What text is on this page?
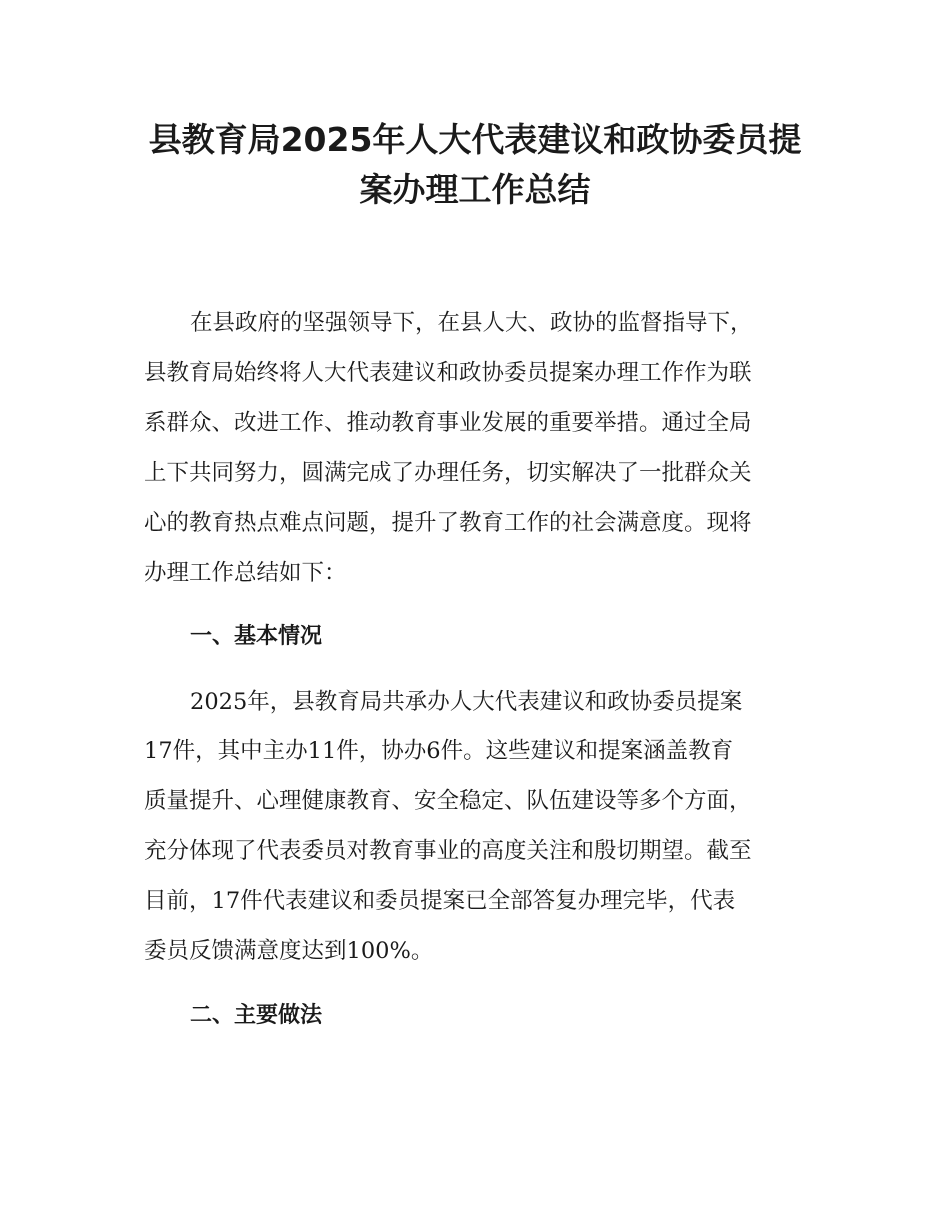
县教育局2025年人大代表建议和政协委员提
案办理工作总结

在县政府的坚强领导下，在县人大、政协的监督指导下，

县教育局始终将人大代表建议和政协委员提案办理工作作为联

系群众、改进工作、推动教育事业发展的重要举措。通过全局

上下共同努力，圆满完成了办理任务，切实解决了一批群众关

心的教育热点难点问题，提升了教育工作的社会满意度。现将

办理工作总结如下：

一、基本情况

2025年，县教育局共承办人大代表建议和政协委员提案

17件，其中主办11件，协办6件。这些建议和提案涵盖教育

质量提升、心理健康教育、安全稳定、队伍建设等多个方面，

充分体现了代表委员对教育事业的高度关注和殷切期望。截至

目前，17件代表建议和委员提案已全部答复办理完毕，代表

委员反馈满意度达到100%。

二、主要做法
